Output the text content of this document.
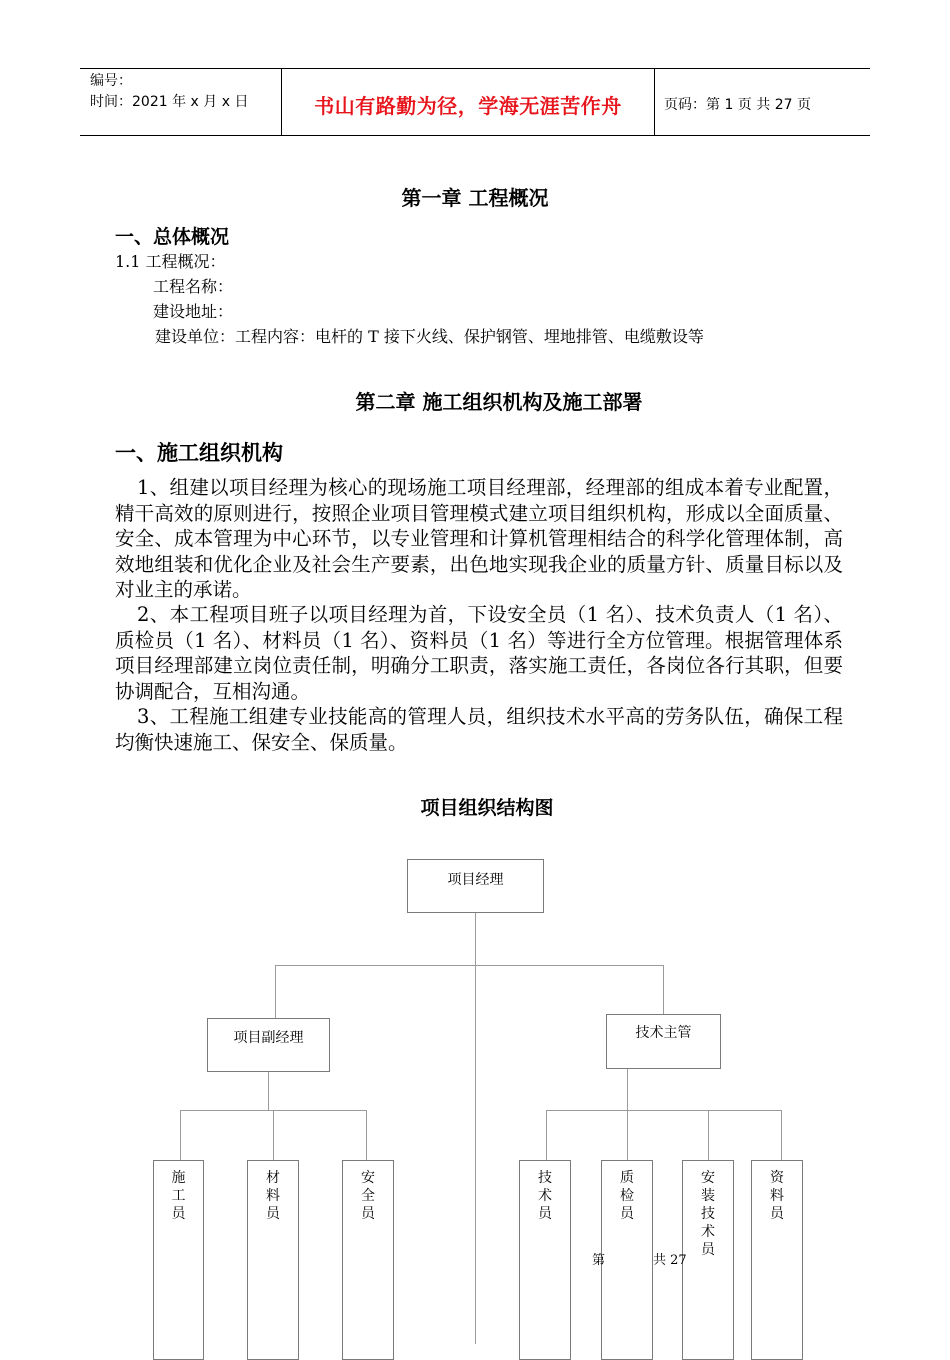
编号：
时间：2021 年 x 月 x 日	书山有路勤为径，学海无涯苦作舟	页码：第 1 页 共 27 页
第一章 工程概况
一、总体概况
1.1 工程概况：
工程名称：
建设地址：
建设单位：工程内容：电杆的 T 接下火线、保护钢管、埋地排管、电缆敷设等
第二章 施工组织机构及施工部署
一、施工组织机构
1、组建以项目经理为核心的现场施工项目经理部，经理部的组成本着专业配置，精干高效的原则进行，按照企业项目管理模式建立项目组织机构，形成以全面质量、安全、成本管理为中心环节，以专业管理和计算机管理相结合的科学化管理体制，高效地组装和优化企业及社会生产要素，出色地实现我企业的质量方针、质量目标以及对业主的承诺。
2、本工程项目班子以项目经理为首，下设安全员（1 名）、技术负责人（1 名）、质检员（1 名）、材料员（1 名）、资料员（1 名）等进行全方位管理。根据管理体系项目经理部建立岗位责任制，明确分工职责，落实施工责任，各岗位各行其职，但要协调配合，互相沟通。
3、工程施工组建专业技能高的管理人员，组织技术水平高的劳务队伍，确保工程均衡快速施工、保安全、保质量。
项目组织结构图
项目经理
项目副经理	技术主管
施工员
材料员
安全员
技术员
质检员
安装技术员
资料员
第	共 27
